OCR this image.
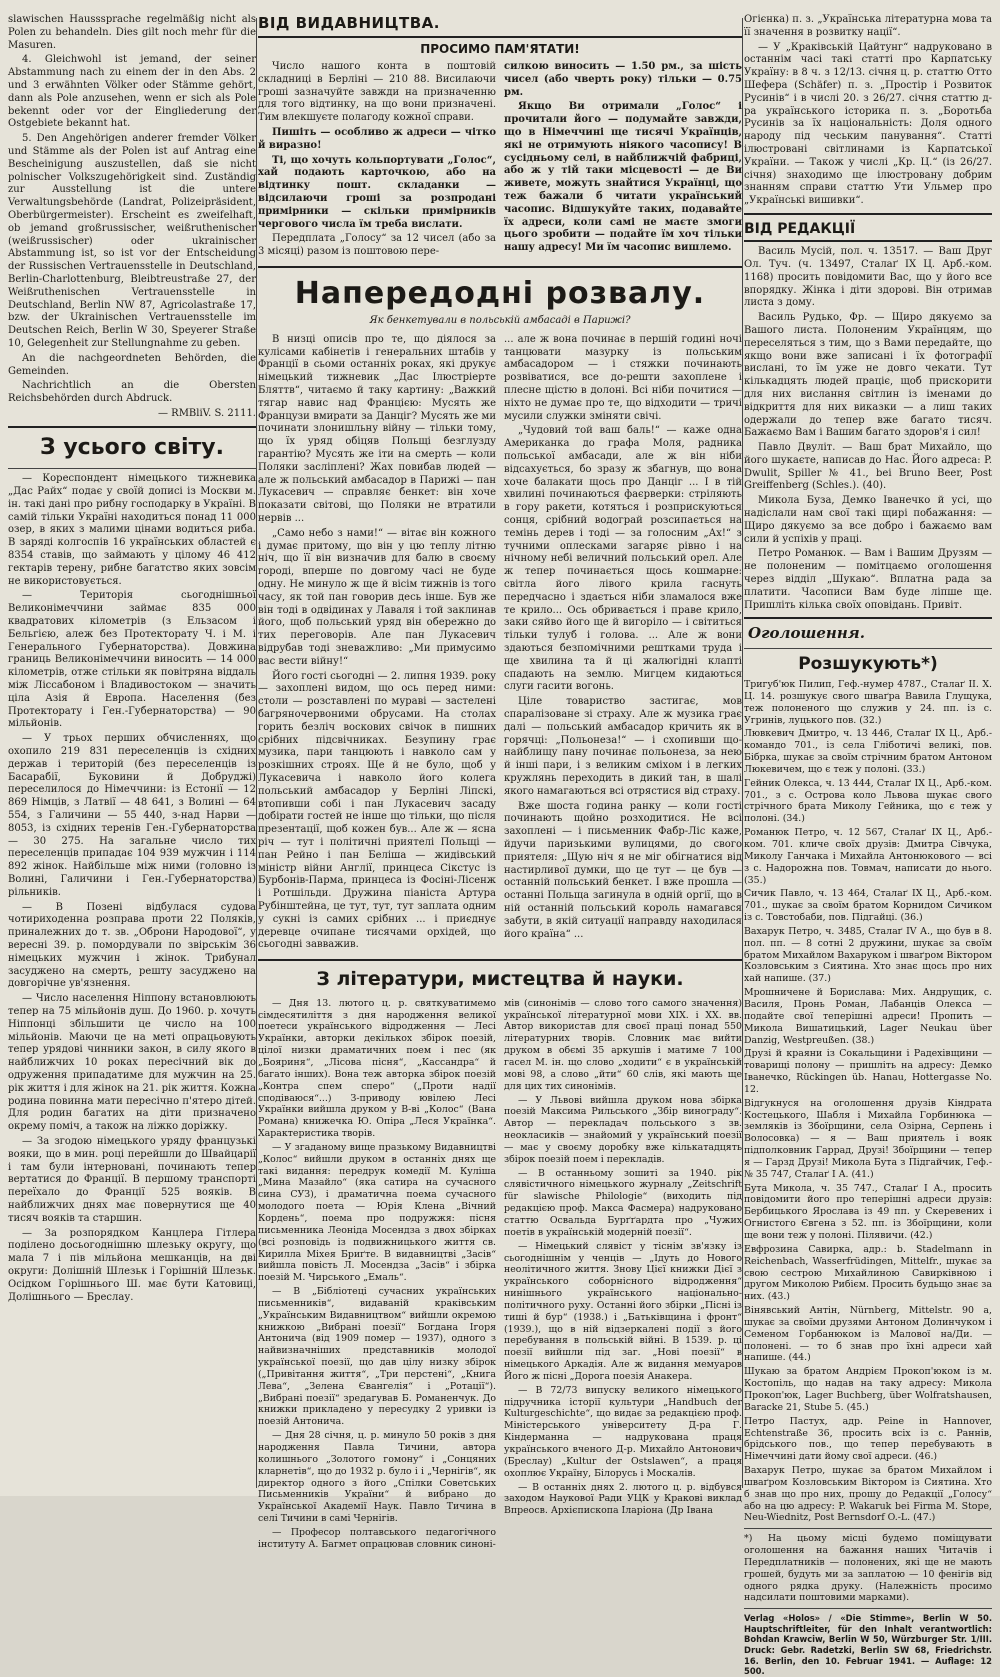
slawischen Hausssprache regelmäßig nicht als Polen zu behandeln. Dies gilt noch mehr für die Masuren.

4. Gleichwohl ist jemand, der seiner Abstammung nach zu einem der in den Abs. 2 und 3 erwähnten Völker oder Stämme gehört, dann als Pole anzusehen, wenn er sich als Pole bekennt oder vor der Eingliederung der Ostgebiete bekannt hat.

5. Den Angehörigen anderer fremder Völker und Stämme als der Polen ist auf Antrag eine Bescheinigung auszustellen, daß sie nicht polnischer Volkszugehörigkeit sind. Zuständig zur Ausstellung ist die untere Verwaltungsbehörde (Landrat, Polizeipräsident, Oberbürgermeister). Erscheint es zweifelhaft, ob jemand großrussischer, weißruthenischer (weißrussischer) oder ukrainischer Abstammung ist, so ist vor der Entscheidung der Russischen Vertrauensstelle in Deutschland, Berlin-Charlottenburg, Bleibtreustraße 27, der Weißruthenischen Vertrauensstelle in Deutschland, Berlin NW 87, Agricolastraße 17, bzw. der Ukrainischen Vertrauensstelle im Deutschen Reich, Berlin W 30, Speyerer Straße 10, Gelegenheit zur Stellungnahme zu geben.

An die nachgeordneten Behörden, die Gemeinden.

Nachrichtlich an die Obersten Reichsbehörden durch Abdruck.

— RMBliV. S. 2111.

З усього світу.

— Кореспондент німецького тижневика „Дас Райх“ подає у своїй дописі із Москви м. ін. такі дані про рибну господарку в Україні. В самій тільки Україні находиться понад 11 000 озер, в яких з малими цінами водиться риба. В заряді колгоспів 16 українських областей є 8354 ставів, що займають у цілому 46 412 гектарів терену, рибне багатство яких зовсім не використовується.

— Територія сьогоднішньої Великонімеччини займає 835 000 квадратових кілометрів (з Ельзасом і Бельгією, алеж без Протекторату Ч. і М. і Генерального Губернаторства). Довжина границь Великонімеччини виносить — 14 000 кілометрів, отже стільки як повітряна віддаль між Ліссабоном і Владивостоком — значить ціла Азія й Европа. Населення (без Протекторату і Ген.-Губернаторства) — 90 мільйонів.

— У трьох перших обчисленнях, що охопило 219 831 переселенців із східних держав і територій (без переселенців із Басарабії, Буковини й Добруджі) переселилося до Німеччини: із Естонії — 12 869 Німців, з Латвії — 48 641, з Волині — 64 554, з Галичини — 55 440, з-над Нарви — 8053, із східних теренів Ген.-Губернаторства — 30 275. На загальне число тих переселенців припадає 104 939 мужчин і 114 892 жінок. Найбільше між ними (головно із Волині, Галичини і Ген.-Губернаторства) рільників.

— В Позені відбулася судова чотириходенна розправа проти 22 Поляків, приналежних до т. зв. „Оброни Народової“, у вересні 39. р. помордували по звірськім 36 німецьких мужчин і жінок. Трибунал засуджено на смерть, решту засуджено на довгорічне ув'язнення.

— Число населення Ніппону встановлюють тепер на 75 мільйонів душ. До 1960. р. хочуть Ніппонці збільшити це число на 100 мільйонів. Маючи це на меті опрацьовують тепер урядові чинники закон, в силу якого в найближчих 10 роках пересічний вік до одруження припадатиме для мужчин на 25. рік життя і для жінок на 21. рік життя. Кожна родина повинна мати пересічно п'ятеро дітей. Для родин багатих на діти призначено окрему поміч, а також на ліжко доріжку.

— За згодою німецького уряду французькі вояки, що в мин. році перейшли до Швайцарії і там були інтерновані, починають тепер вертатися до Франції. В першому транспорті переїхало до Франції 525 вояків. В найближчих днях має повернутися ще 40 тисяч вояків та старшин.

— За розпорядком Канцлера Гітлера поділено досьогоднішню шлезьку округу, що мала 7 і пів мільйона мешканців, на дві округи: Долішній Шлезьк і Горішній Шлезьк. Осідком Горішнього Ш. має бути Катовиці, Долішнього — Бреслау.

ВІД ВИДАВНИЦТВА.
ПРОСИМО ПАМ'ЯТАТИ!

Число нашого конта в поштовій складниці в Берліні — 210 88. Висилаючи гроші зазначуйте завжди на призначенню для того відтинку, на що вони призначені. Тим влекшуєте полагоду кожної справи.

Пишіть — особливо ж адреси — чітко й виразно!

Ті, що хочуть кольпортувати „Голос“, хай подають карточкою, або на відтинку пошт. складанки — відсилаючи гроші за розпродані примірники — скільки примірників чергового числа їм треба вислати.

Передплата „Голосу“ за 12 чисел (або за 3 місяці) разом із поштовою пере-

силкою виносить — 1.50 рм., за шість чисел (або чверть року) тільки — 0.75 рм.

Якщо Ви отримали „Голос“ і прочитали його — подумайте завжди, що в Німеччині ще тисячі Українців, які не отримують ніякого часопису! В сусідньому селі, в найближчій фабриці, або ж у тій таки місцевості — де Ви живете, можуть знайтися Українці, що теж бажали б читати український часопис. Відшукуйте таких, подавайте їх адреси, коли самі не маєте змоги цього зробити — подайте їм хоч тільки нашу адресу! Ми їм часопис вишлемо.

Напередодні розвалу.
Як бенкетували в польській амбасаді в Парижі?

В низці описів про те, що діялося за кулісами кабінетів і генеральних штабів у Франції в сьоми останніх роках, які друкує німецький тижневик „Дас Ілюстріерте Бляттв“, читаємо й таку картину: „Важкий тягар навис над Францією: Мусять же Французи вмирати за Данціг? Мусять же ми починати злонишльну війну — тільки тому, що їх уряд обіцяв Польщі безглузду гарантію? Мусять же іти на смерть — коли Поляки засліплені? Жах повибав людей — але ж польський амбасадор в Парижі — пан Лукасевич — справляє бенкет: він хоче показати світові, що Поляки не втратили нервів ...

„Само небо з нами!“ — вітає він кожного і думає притому, що він у цю теплу літню ніч, що її він визначив для балю в своєму городі, вперше по довгому часі не буде одну. Не минуло ж ще й вісім тижнів із того часу, як той пан говорив десь інше. Був же він тоді в одвідинах у Лаваля і той заклинав його, щоб польський уряд він обережно до тих переговорів. Але пан Лукасевич відрубав тоді зневажливо: „Ми примусимо вас вести війну!“

Його гості сьогодні — 2. липня 1939. року — захоплені видом, що ось перед ними: столи — розставлені по мураві — застелені багряночервоними обрусами. На столах горить безліч воскових свічок в пишних срібних підсвічниках. Безупину грає музика, пари танцюють і навколо сам у розкішних строях. Ще й не було, щоб у Лукасевича і навколо його колега польський амбасадор у Берліні Ліпскі, втопивши собі і пан Лукасевич засаду добірати гостей не інше що тільки, що після презентації, щоб кожен був... Але ж — ясна річ — тут і політичні приятелі Польщі — пан Рейно і пан Беліша — жидівський міністр війни Англії, принцеса Сікстус із Бурбонів-Парма, принцеса із Фосіні-Лісенж і Ротшільди. Дружина піаніста Артура Рубінштейна, це тут, тут, тут заплата одним у сукні із самих срібних ... і приєднує деревце очипане тисячами орхідей, що сьогодні завважив.

... але ж вона починає в першій годині ночі танцювати мазурку із польським амбасадором — і стяжки починають розвіватися, все до-решти захоплене і плесне щістю в долоні. Всі ніби почитися — ніхто не думає про те, що відходити — тричі мусили служки зміняти свічі.

„Чудовий той ваш баль!“ — каже одна Американка до графа Моля, радника польської амбасади, але ж він ніби відсахується, бо зразу ж збагнув, що вона хоче балакати щось про Данціг ... І в тій хвилині починаються фаєрверки: стріляють в гору ракети, котяться і розприскуються сонця, срібний водограй розсипається на темінь дерев і тоді — за голосним „Ах!“ з тучними оплесками загаряє рівно і на нічному небі величний польський орел. Але ж тепер починається щось кошмарне: світла його лівого крила гаснуть передчасно і здається ніби зламалося вже те крило... Ось обривається і праве крило, заки сяйво його ще й вигоріло — і світиться тільки тулуб і голова. ... Але ж вони здаються безпомічними рештками труда і ще хвилина та й ці жалюгідні клапті спадають на землю. Мигцем кидаються слуги гасити вогонь.

Ціле товариство застигає, мов спаралізоване зі страху. Але ж музика грає далі — польський амбасадор кричить як в горячці: „Польонеза!“ — і схопивши що-найблищу пану починає польонеза, за нею й інші пари, і з великим сміхом і в легких кружлянь переходить в дикий тан, в шалі якого намагаються всі отрястися від страху.

Вже шоста година ранку — коли гості починають щойно розходитися. Не всі захоплені — і письменник Фабр-Ліс каже, йдучи паризькими вулицями, до свого приятеля: „Щую ніч я не міг обігнатися від настирливої думки, що це тут — це був — останній польський бенкет. І вже прошла — останні Польща загинула в одній оргії, що в ній останній польський король намагався забути, в якій ситуації направду находилася його країна“ ...

З літератури, мистецтва й науки.

— Дня 13. лютого ц. р. святкуватимемо сімдесятиліття з дня народження великої поетеси українського відродження — Лесі Українки, авторки декількох збірок поезій, цілої низки драматичних поем і пес (як „Бояриня“, „Лісова пісня“, „Кассандра“ й багато інших). Вона теж авторка збірок поезій „Контра спем сперо“ („Проти надії сподіваюся“...) З-приводу ювілею Лесі Українки вийшла друком у В-ві „Колос“ (Вана Романа) книжечка Ю. Опіра „Леся Українка“. Характеристика творів.

— У згаданому вище празькому Видавництві „Колос“ вийшли друком в останніх днях ще такі видання: передрук комедії М. Куліша „Мина Мазайло“ (яка сатира на сучасного сина СУЗ), і драматична поема сучасного молодого поета — Юрія Клена „Вічний Кордень“, поема про подружжя: пісня письменника Леоніда Мосендза з двох збірках (всі розповідь із подвижницького життя св. Кирилла Міхея Бриґте. В видавництві „Засів“ вийшла повість Л. Мосендза „Засів“ і збірка поезій М. Чирського „Емаль“.

— В „Бібліотеці сучасних українських письменників“, видаваній краківським „Українським Видавництвом“ вийшли окремою книжкою „Вибрані поезії“ Богдана Ігоря Антонича (від 1909 помер — 1937), одного з найвизначніших представників молодої української поезії, що дав цілу низку збірок („Привітання життя“, „Три перстені“, „Книга Лева“, „Зелена Євангелія“ і „Ротації“). „Вибрані поезії“ зредагував Б. Романенчук. До книжки прикладено у пересудку 2 уривки із поезій Антонича.

— Дня 28 січня, ц. р. минуло 50 років з дня народження Павла Тичини, автора колишнього „Золотого гомону“ і „Сонцяних кларнетів“, що до 1932 р. було і і „Чернігів“, як директор одного з його „Спілки Советських Письменників України“ й вибрано до Української Академії Наук. Павло Тичина в селі Тичини в самі Чернігів.

— Професор полтавського педагогічного інституту А. Багмет опрацював словник синоні-

мів (синонімів — слово того самого значення) української літературної мови XIX. і XX. вв. Автор використав для своєї праці понад 550 літературних творів. Словник має вийти друком в обємі 35 аркушів і матиме 7 100 гасел М. ін. що слово „ходити“ є в українській мові 98, а слово „йти“ 60 слів, які мають ще для цих тих синонімів.

— У Львові вийшла друком нова збірка поезій Максима Рильського „Збір винограду“. Автор — перекладач польського з зв. неокласиків — знайомий у український поезії — має у своєму доробку вже кількатадцять збірок поезій поем і перекладів.

— В останньому зошиті за 1940. рік слявістичного німецького журналу „Zeitschrift für slawische Philologie“ (виходить під редакцією проф. Макса Фасмера) надруковано статтю Освальда Бурґґардта про „Чужих поетів в українській модерній поезії“.

— Німецький слявіст у тіснім зв'язку із сьогоднішнім у ченців — „Ідуть до Нового неолітичного життя. Знову Цієї книжки Дієї з українського соборнісного відродження“ нинішнього українського національно-політичного руху. Останні його збірки „Пісні із тиші й бур“ (1938.) і „Батьківщина і фронт“ (1939.), що в ній відзеркалені події з його перебування в польській війні. В 1539. р. ці поезії вийшли під заг. „Нові поезії“ в німецького Аркадія. Але ж видання мемуаров Його ж пісні „Дорога поезія Анакера.

— В 72/73 випуску великого німецького підручника історії культури „Handbuch der Kulturgeschichte“, що видає за редакцією проф. Міністерського університету Д-ра Г. Кіндерманна — надрукована праця українського вченого Д-р. Михайло Антонович (Бреслау) „Kultur der Ostslawen“, а праця охоплює Україну, Білорусь і Москалів.

— В останніх днях 2. лютого ц. р. відбувся заходом Наукової Ради УЦК у Кракові виклад Впреосв. Архієпископа Іларіона (Др Івана

Огієнка) п. з. „Українська літературна мова та її значення в розвитку нації“.

— У „Краківській Цайтунг“ надруковано в останнім часі такі статті про Карпатську Україну: в 8 ч. з 12/13. січня ц. р. статтю Отто Шефера (Schäfer) п. з. „Простір і Розвиток Русинів“ і в числі 20. з 26/27. січня статтю д-ра українського історика п. з. „Боротьба Русинів за їх національність: Доля одного народу під чеським панування“. Статті ілюстровані світлинами із Карпатської України. — Також у числі „Кр. Ц.“ (із 26/27. січня) знаходимо ще ілюстровану добрим знанням справи статтю Ути Ульмер про „Українські вишивки“.

ВІД РЕДАКЦІЇ

Василь Мусій, пол. ч. 13517. — Ваш Друг Ол. Туч. (ч. 13497, Сталаґ IX Ц. Арб.-ком. 1168) просить повідомити Вас, що у його все впорядку. Жінка і діти здорові. Він отримав листа з дому.

Василь Рудько, Фр. — Щиро дякуємо за Вашого листа. Полоненим Українцям, що переселяться з тим, що з Вами передайте, що якщо вони вже записані і їх фотографії вислані, то їм уже не довго чекати. Тут кількадцять людей праціє, щоб прискорити для них вислання світлин із іменами до відкриття для них виказки — а лиш таких одержали до тепер вже багато тисяч. Бажаємо Вам і Вашим багато здоров'я і сил!

Павло Двуліт. — Ваш брат Михайло, що його шукаєте, написав до Нас. Його адреса: P. Dwulit, Spiller № 41., bei Bruno Beer, Post Greiffenberg (Schles.). (40).

Микола Буза, Демко Іванечко й усі, що надіслали нам свої такі щирі побажання: — Щиро дякуємо за все добро і бажаємо вам сили й успіхів у праці.

Петро Романюк. — Вам і Вашим Друзям — не полоненим — помітцаємо оголошення через відділ „Шукаю“. Вплатна рада за платити. Часописи Вам буде ліпше ще. Пришліть кілька своїх оповідань. Привіт.

Оголошення.
Розшукують*)

Тригуб'юк Пилип, Геф.-нумер 4787., Сталаґ II. Х. Ц. 14. розшукує свого шваґра Вавила Глущука, теж полоненого що служив у 24. пп. із с. Угринів, луцького пов. (32.)

Лювкевич Дмитро, ч. 13 446, Сталаґ IX Ц., Арб.-командо 701., із села Гліботичі великі, пов. Бібрка, шукає за своїм стрічним братом Антоном Люкевичем, що є теж у полоні. (33.)

Гейник Олекса, ч. 13 444, Сталаґ IX Ц., Арб.-ком. 701., з с. Острова коло Львова шукає свого стрічного брата Миколу Гейника, що є теж у полоні. (34.)

Романюк Петро, ч. 12 567, Сталаґ IX Ц., Арб.-ком. 701. кличе своїх друзів: Дмитра Сівчука, Миколу Ганчака і Михайла Антонюкового — всі з с. Надорожна пов. Товмач, написати до нього. (35.)

Сичик Павло, ч. 13 464, Сталаґ IX Ц., Арб.-ком. 701., шукає за своїм братом Корнидом Сичиком із с. Товстобаби, пов. Підгайці. (36.)

Вахарук Петро, ч. 3485, Сталаґ IV А., що був в 8. пол. пп. — 8 сотні 2 дружини, шукає за своїм братом Михайлом Вахаруком і шваґром Віктором Козловським з Сиятина. Хто знає щось про них хай напише. (37.)

Мрошничене й Борислава: Мих. Андрущик, с. Василя, Пронь Роман, Лабанців Олекса — подайте свої теперішні адреси! Пропить — Микола Вишатицький, Lager Neukau über Danzig, Westpreußen. (38.)

Друзі й краяни із Сокальщини і Радехівщини — товарищі полону — пришліть на адресу: Демко Іванечко, Rückingen üb. Hanau, Hottergasse No. 12.

Відгукнуся на оголошення друзів Кіндрата Костецького, Шабля і Михайла Горбинюка — земляків із Збоїрщини, села Озірна, Серпень і Волосовка) — я — Ваш приятель і вояк підполковник Гаррад, Друзі! Збоїрщини — тепер я — Гарзд Друзі! Микола Бута з Підгайчик, Геф.-№ 35 747, Сталаґ I A. (41.)

Бута Микола, ч. 35 747., Сталаґ I A., просить повідомити його про теперішні адреси друзів: Бербицького Ярослава із 49 пп. у Скеревених і Огнистого Євгена з 52. пп. із Збоїрщини, коли ще вони теж у полоні. Пілявичи. (42.)

Евфрозина Савирка, адр.: b. Stadelmann in Reichenbach, Wasserfrüdingen, Mittelfr., шукає за свою сестрою Михайлиною Савирківною і другом Миколою Рибієм. Просить будьщо знає за них. (43.)

Вінявський Антін, Nürnberg, Mittelstr. 90 а, шукає за своїми друзями Антоном Долинчуком і Семеном Горбанюком із Малової на/Ди. — полонені. — то б знав про їхні адреси хай напише. (44.)

Шукаю за братом Андрієм Прокоп'юком із м. Костопіль, що надав на таку адресу: Микола Прокоп'юк, Lager Buchberg, über Wolfratshausen, Baracke 21, Stube 5. (45.)

Петро Пастух, адр. Peine in Hannover, Echtenstraße 36, просить всіх із с. Раннів, брідського пов., що тепер перебувають в Німеччині дати йому свої адреси. (46.)

Вахарук Петро, шукає за братом Михайлом і шваґром Козловським Віктором із Сиятина. Хто б знав що про них, прошу до Редакції „Голосу“ або на цю адресу: P. Wakaruk bei Firma M. Stope, Neu-Wiednitz, Post Bernsdorf O.-L. (47.)

*) На цьому місці будемо поміщувати оголошення на бажання наших Читачів і Передплатників — полонених, які ще не мають грошей, будуть ми за заплатою — 10 фенігів від одного рядка друку. (Належність просимо надсилати поштовими марками).

Verlag «Holos» / «Die Stimme», Berlin W 50. Hauptschriftleiter, für den Inhalt verantwortlich: Bohdan Krawciw, Berlin W 50, Würzburger Str. 1/III. Druck: Gebr. Radetzki, Berlin SW 68, Friedrichstr. 16. Berlin, den 10. Februar 1941. — Auflage: 12 500.
